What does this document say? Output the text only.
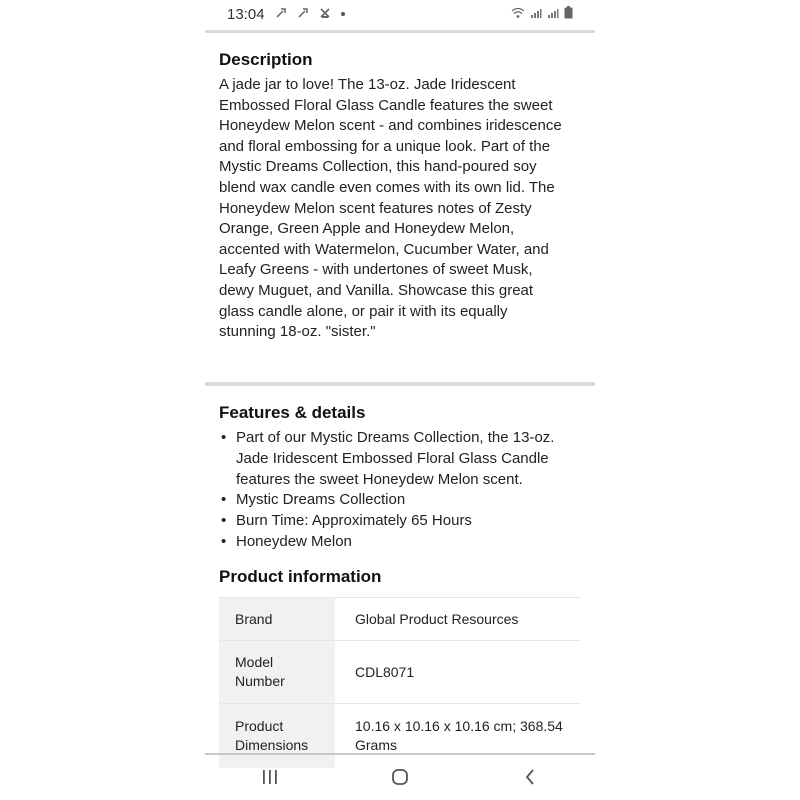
13:04
Description

A jade jar to love! The 13-oz. Jade Iridescent
Embossed Floral Glass Candle features the sweet
Honeydew Melon scent - and combines iridescence
and floral embossing for a unique look. Part of the
Mystic Dreams Collection, this hand-poured soy
blend wax candle even comes with its own lid. The
Honeydew Melon scent features notes of Zesty
Orange, Green Apple and Honeydew Melon,
accented with Watermelon, Cucumber Water, and
Leafy Greens - with undertones of sweet Musk,
dewy Muguet, and Vanilla. Showcase this great
glass candle alone, or pair it with its equally
stunning 18-oz. "sister."

Features & details
• Part of our Mystic Dreams Collection, the 13-oz.
Jade Iridescent Embossed Floral Glass Candle
features the sweet Honeydew Melon scent.
• Mystic Dreams Collection
• Burn Time: Approximately 65 Hours
• Honeydew Melon
Product information
Brand	Global Product Resources
Model
Number	CDL8071
Product
Dimensions	10.16 x 10.16 x 10.16 cm; 368.54
Grams
